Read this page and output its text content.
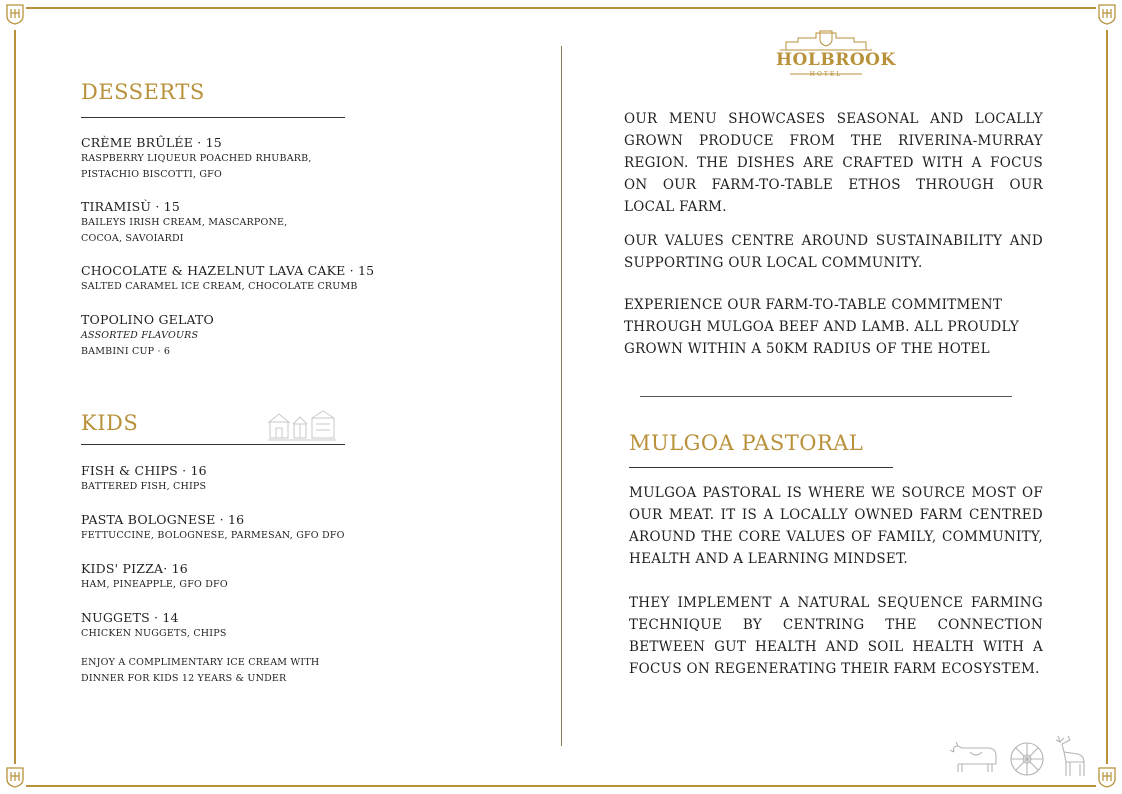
DESSERTS
CRÈME BRÛLÉE · 15
RASPBERRY LIQUEUR POACHED RHUBARB,
PISTACHIO BISCOTTI, GFO
TIRAMISÙ · 15
BAILEYS IRISH CREAM, MASCARPONE,
COCOA, SAVOIARDI
CHOCOLATE & HAZELNUT LAVA CAKE · 15
SALTED CARAMEL ICE CREAM, CHOCOLATE CRUMB
TOPOLINO GELATO
ASSORTED FLAVOURS
BAMBINI CUP · 6
KIDS
FISH & CHIPS · 16
BATTERED FISH, CHIPS
PASTA BOLOGNESE · 16
FETTUCCINE, BOLOGNESE, PARMESAN, GFO DFO
KIDS' PIZZA· 16
HAM, PINEAPPLE, GFO DFO
NUGGETS · 14
CHICKEN NUGGETS, CHIPS
ENJOY A COMPLIMENTARY ICE CREAM WITH
DINNER FOR KIDS 12 YEARS & UNDER
HOLBROOK
HOTEL
OUR MENU SHOWCASES SEASONAL AND LOCALLY GROWN PRODUCE FROM THE RIVERINA-MURRAY REGION. THE DISHES ARE CRAFTED WITH A FOCUS ON OUR FARM-TO-TABLE ETHOS THROUGH OUR LOCAL FARM.
OUR VALUES CENTRE AROUND SUSTAINABILITY AND SUPPORTING OUR LOCAL COMMUNITY.
EXPERIENCE OUR FARM-TO-TABLE COMMITMENT
THROUGH MULGOA BEEF AND LAMB. ALL PROUDLY
GROWN WITHIN A 50KM RADIUS OF THE HOTEL
MULGOA PASTORAL
MULGOA PASTORAL IS WHERE WE SOURCE MOST OF OUR MEAT. IT IS A LOCALLY OWNED FARM CENTRED AROUND THE CORE VALUES OF FAMILY, COMMUNITY, HEALTH AND A LEARNING MINDSET.
THEY IMPLEMENT A NATURAL SEQUENCE FARMING TECHNIQUE BY CENTRING THE CONNECTION BETWEEN GUT HEALTH AND SOIL HEALTH WITH A FOCUS ON REGENERATING THEIR FARM ECOSYSTEM.
